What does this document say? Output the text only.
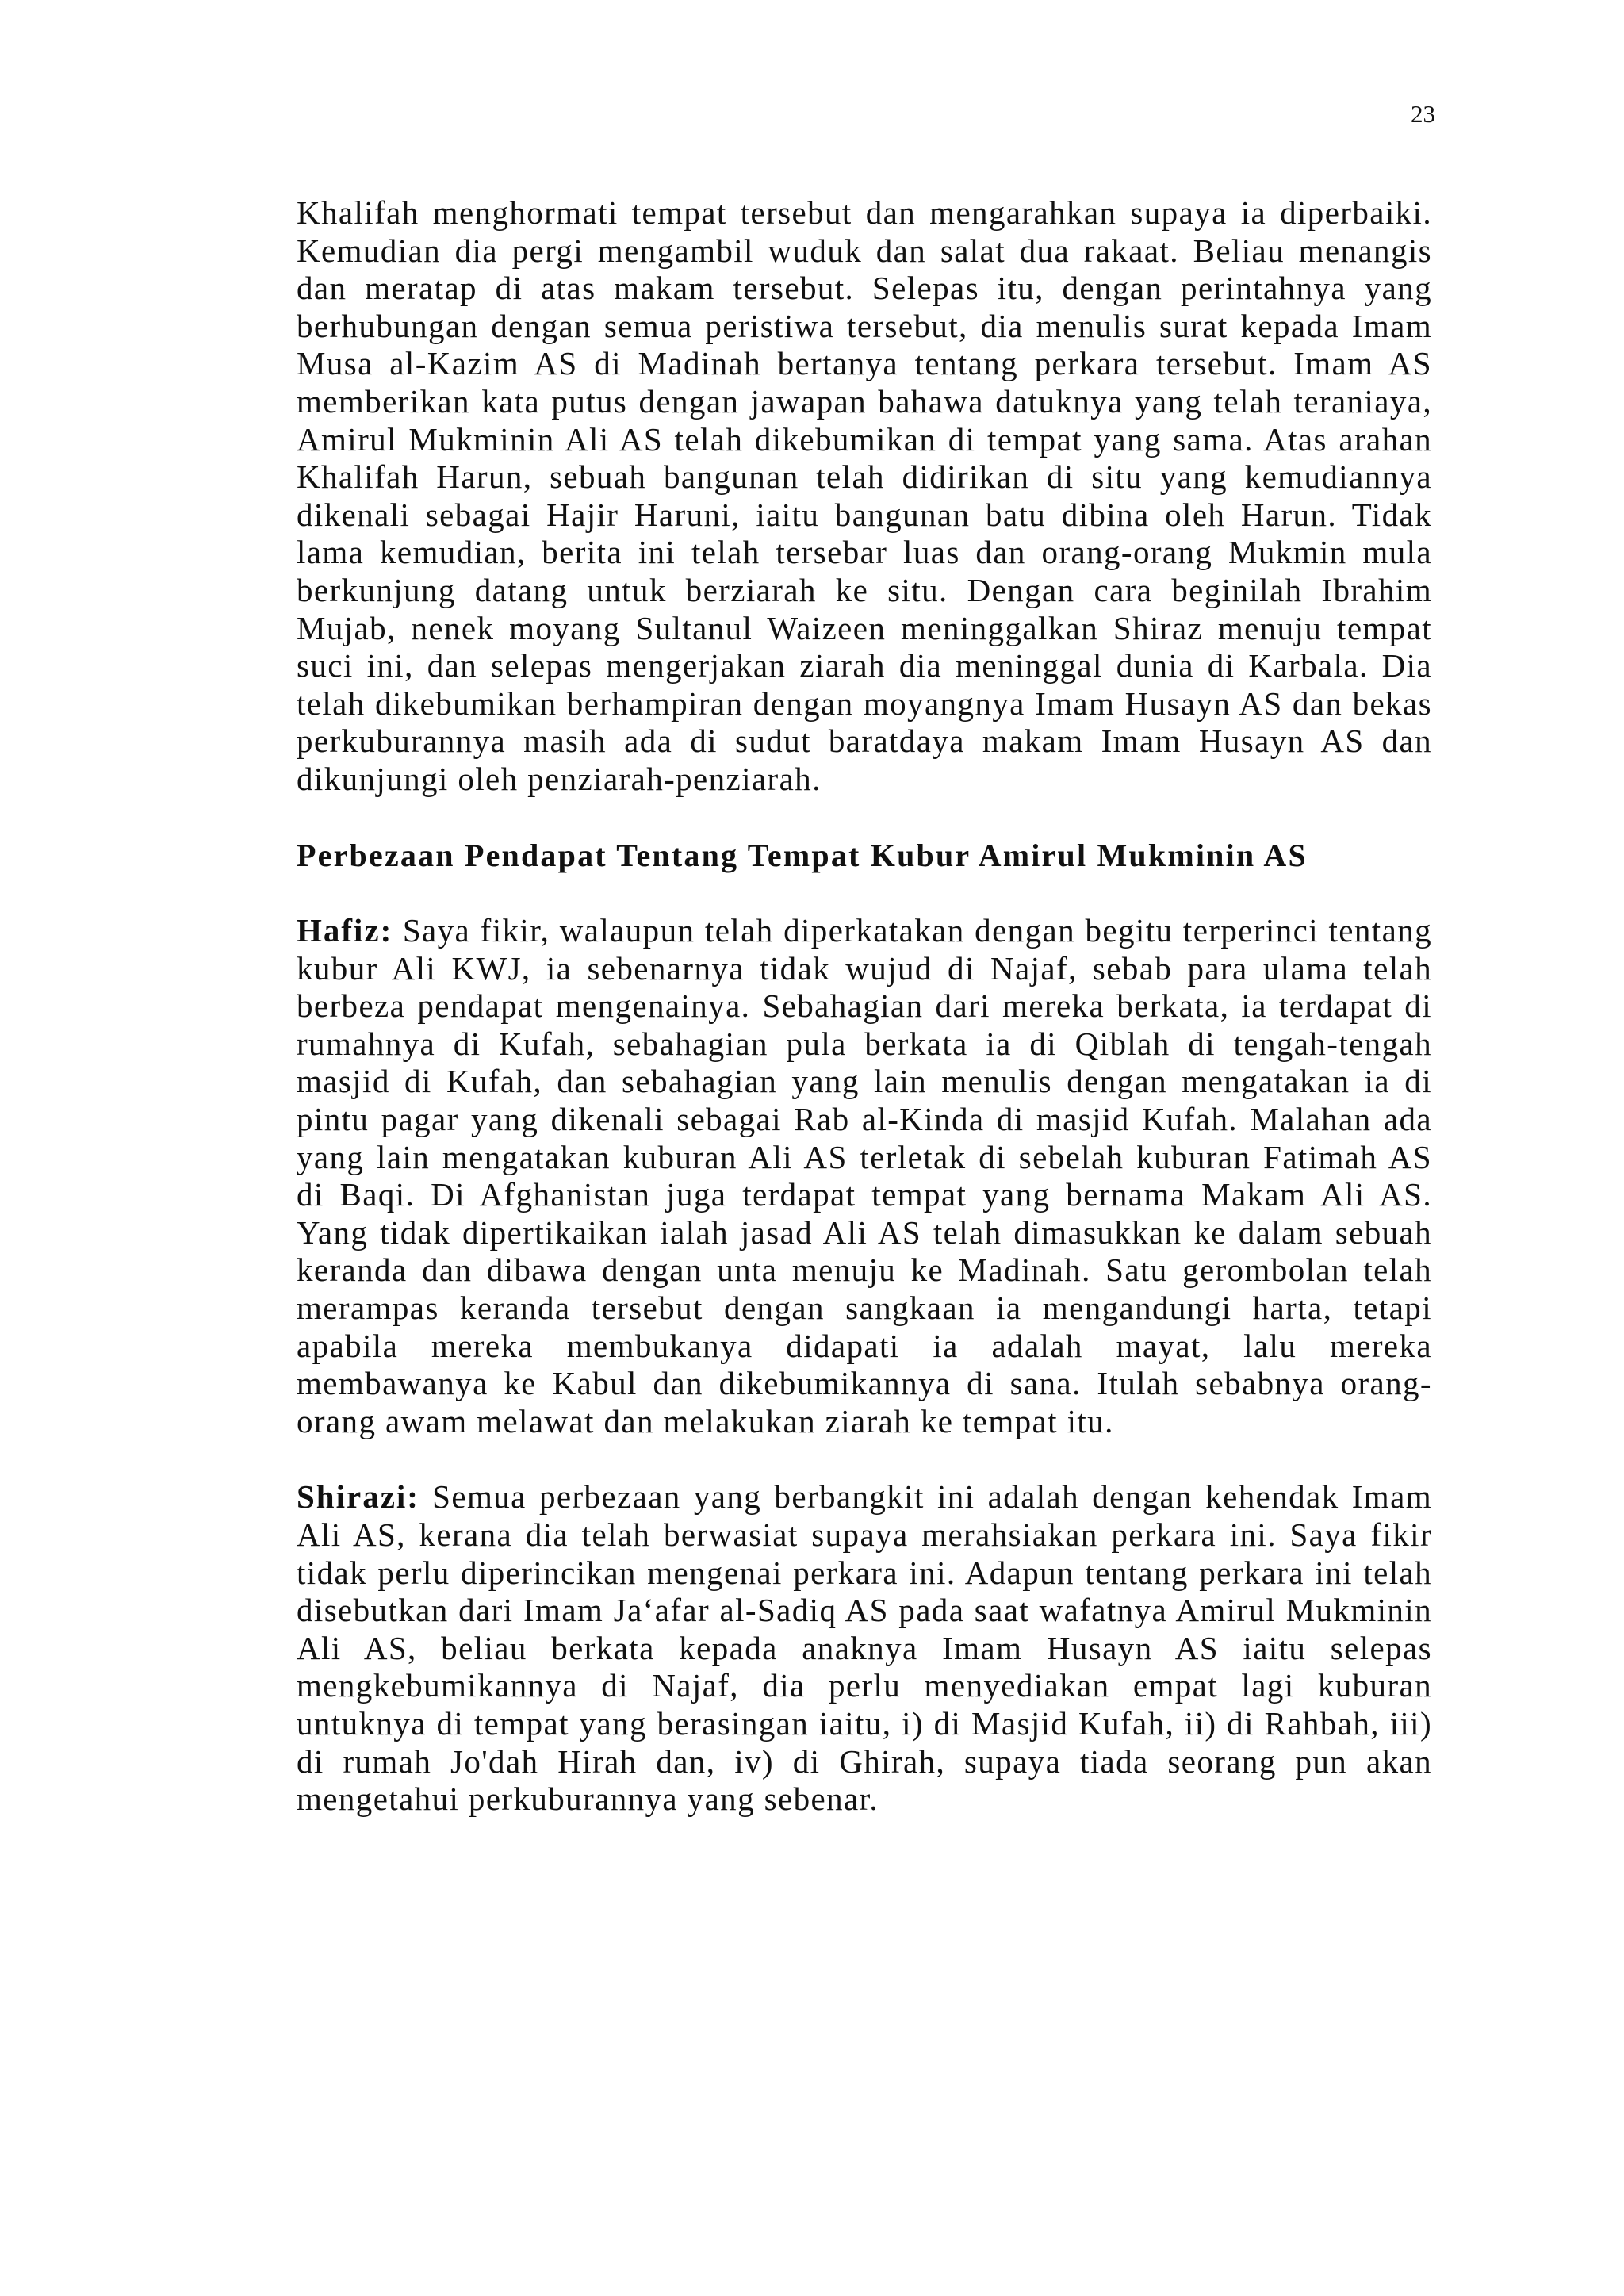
23

Khalifah menghormati tempat tersebut dan mengarahkan supaya ia diperbaiki. Kemudian dia pergi mengambil wuduk dan salat dua rakaat. Beliau menangis dan meratap di atas makam tersebut. Selepas itu, dengan perintahnya yang berhubungan dengan semua peristiwa tersebut, dia menulis surat kepada Imam Musa al-Kazim AS di Madinah bertanya tentang perkara tersebut. Imam AS memberikan kata putus dengan jawapan bahawa datuknya yang telah teraniaya, Amirul Mukminin Ali AS telah dikebumikan di tempat yang sama. Atas arahan Khalifah Harun, sebuah bangunan telah didirikan di situ yang kemudiannya dikenali sebagai Hajir Haruni, iaitu bangunan batu dibina oleh Harun. Tidak lama kemudian, berita ini telah tersebar luas dan orang-orang Mukmin mula berkunjung datang untuk berziarah ke situ. Dengan cara beginilah Ibrahim Mujab, nenek moyang Sultanul Waizeen meninggalkan Shiraz menuju tempat suci ini, dan selepas mengerjakan ziarah dia meninggal dunia di Karbala. Dia telah dikebumikan berhampiran dengan moyangnya Imam Husayn AS dan bekas perkuburannya masih ada di sudut baratdaya makam Imam Husayn AS dan dikunjungi oleh penziarah-penziarah.

Perbezaan Pendapat Tentang Tempat Kubur Amirul Mukminin AS

Hafiz: Saya fikir, walaupun telah diperkatakan dengan begitu terperinci tentang kubur Ali KWJ, ia sebenarnya tidak wujud di Najaf, sebab para ulama telah berbeza pendapat mengenainya. Sebahagian dari mereka berkata, ia terdapat di rumahnya di Kufah, sebahagian pula berkata ia di Qiblah di tengah-tengah masjid di Kufah, dan sebahagian yang lain menulis dengan mengatakan ia di pintu pagar yang dikenali sebagai Rab al-Kinda di masjid Kufah. Malahan ada yang lain mengatakan kuburan Ali AS terletak di sebelah kuburan Fatimah AS di Baqi. Di Afghanistan juga terdapat tempat yang bernama Makam Ali AS. Yang tidak dipertikaikan ialah jasad Ali AS telah dimasukkan ke dalam sebuah keranda dan dibawa dengan unta menuju ke Madinah. Satu gerombolan telah merampas keranda tersebut dengan sangkaan ia mengandungi harta, tetapi apabila mereka membukanya didapati ia adalah mayat, lalu mereka membawanya ke Kabul dan dikebumikannya di sana. Itulah sebabnya orang-orang awam melawat dan melakukan ziarah ke tempat itu.

Shirazi: Semua perbezaan yang berbangkit ini adalah dengan kehendak Imam Ali AS, kerana dia telah berwasiat supaya merahsiakan perkara ini. Saya fikir tidak perlu diperincikan mengenai perkara ini. Adapun tentang perkara ini telah disebutkan dari Imam Ja‘afar al-Sadiq AS pada saat wafatnya Amirul Mukminin Ali AS, beliau berkata kepada anaknya Imam Husayn AS iaitu selepas mengkebumikannya di Najaf, dia perlu menyediakan empat lagi kuburan untuknya di tempat yang berasingan iaitu, i) di Masjid Kufah, ii) di Rahbah, iii) di rumah Jo'dah Hirah dan, iv) di Ghirah, supaya tiada seorang pun akan mengetahui perkuburannya yang sebenar.
